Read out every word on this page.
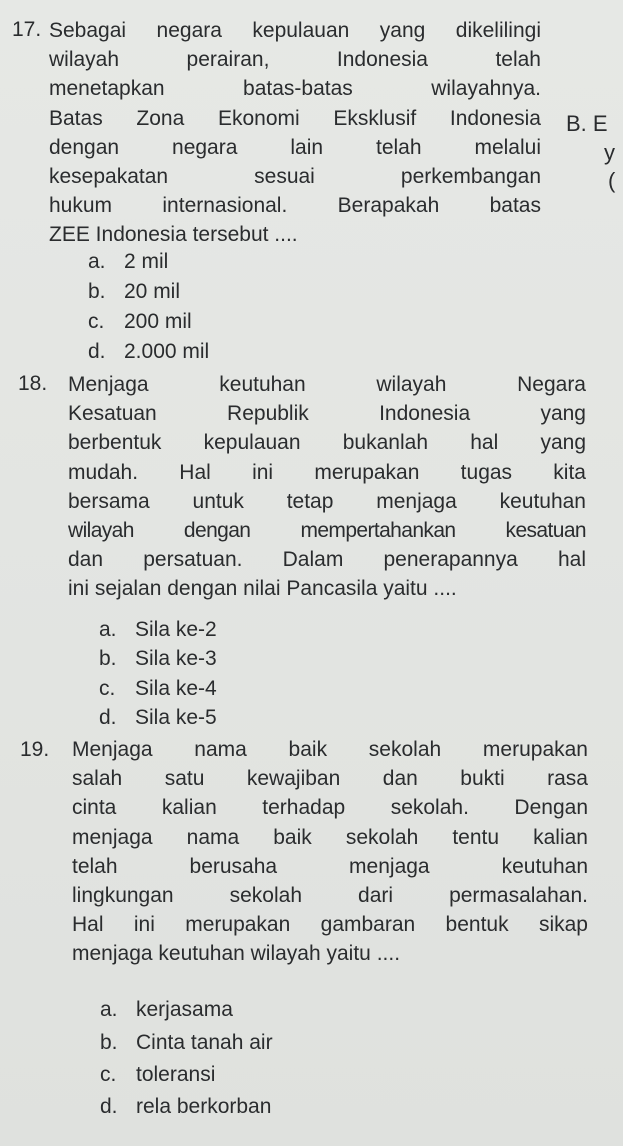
17. Sebagai negara kepulauan yang dikelilingi
wilayah perairan, Indonesia telah
menetapkan batas-batas wilayahnya.
Batas Zona Ekonomi Eksklusif Indonesia
dengan negara lain telah melalui
kesepakatan sesuai perkembangan
hukum internasional. Berapakah batas
ZEE Indonesia tersebut ....
a. 2 mil
b. 20 mil
c. 200 mil
d. 2.000 mil
B. E
y
(
18. Menjaga keutuhan wilayah Negara
Kesatuan Republik Indonesia yang
berbentuk kepulauan bukanlah hal yang
mudah. Hal ini merupakan tugas kita
bersama untuk tetap menjaga keutuhan
wilayah dengan mempertahankan kesatuan
dan persatuan. Dalam penerapannya hal
ini sejalan dengan nilai Pancasila yaitu ....
a. Sila ke-2
b. Sila ke-3
c. Sila ke-4
d. Sila ke-5
19. Menjaga nama baik sekolah merupakan
salah satu kewajiban dan bukti rasa
cinta kalian terhadap sekolah. Dengan
menjaga nama baik sekolah tentu kalian
telah berusaha menjaga keutuhan
lingkungan sekolah dari permasalahan.
Hal ini merupakan gambaran bentuk sikap
menjaga keutuhan wilayah yaitu ....
a. kerjasama
b. Cinta tanah air
c. toleransi
d. rela berkorban
